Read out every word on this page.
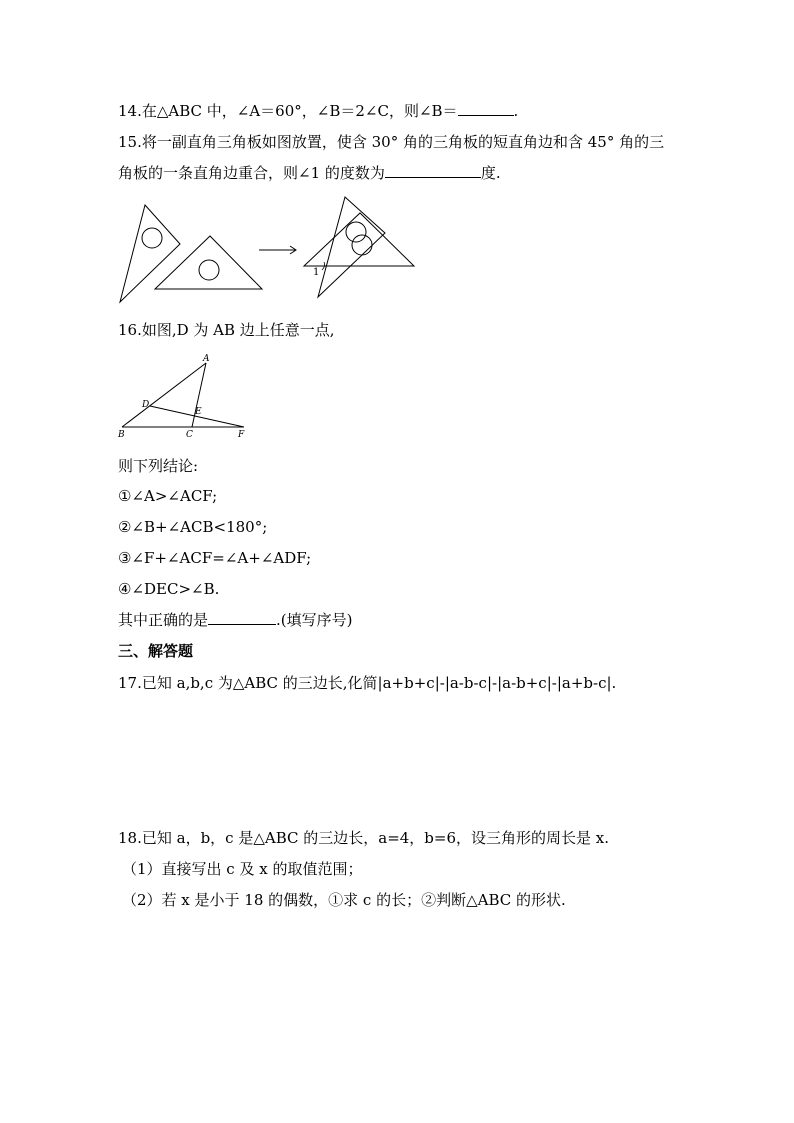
14.在△ABC 中，∠A＝60°，∠B＝2∠C，则∠B＝	.
15.将一副直角三角板如图放置，使含 30° 角的三角板的短直角边和含 45° 角的三
角板的一条直角边重合，则∠1 的度数为	度.
1
16.如图,D 为 AB 边上任意一点,
A
D
E
B	C	F
则下列结论:
①∠A>∠ACF;
②∠B+∠ACB<180°;
③∠F+∠ACF=∠A+∠ADF;
④∠DEC>∠B.
其中正确的是	.(填写序号)
三、解答题
17.已知 a,b,c 为△ABC 的三边长,化简|a+b+c|-|a-b-c|-|a-b+c|-|a+b-c|.
18.已知 a，b，c 是△ABC 的三边长，a=4，b=6，设三角形的周长是 x.
（1）直接写出 c 及 x 的取值范围；
（2）若 x 是小于 18 的偶数，①求 c 的长；②判断△ABC 的形状.
